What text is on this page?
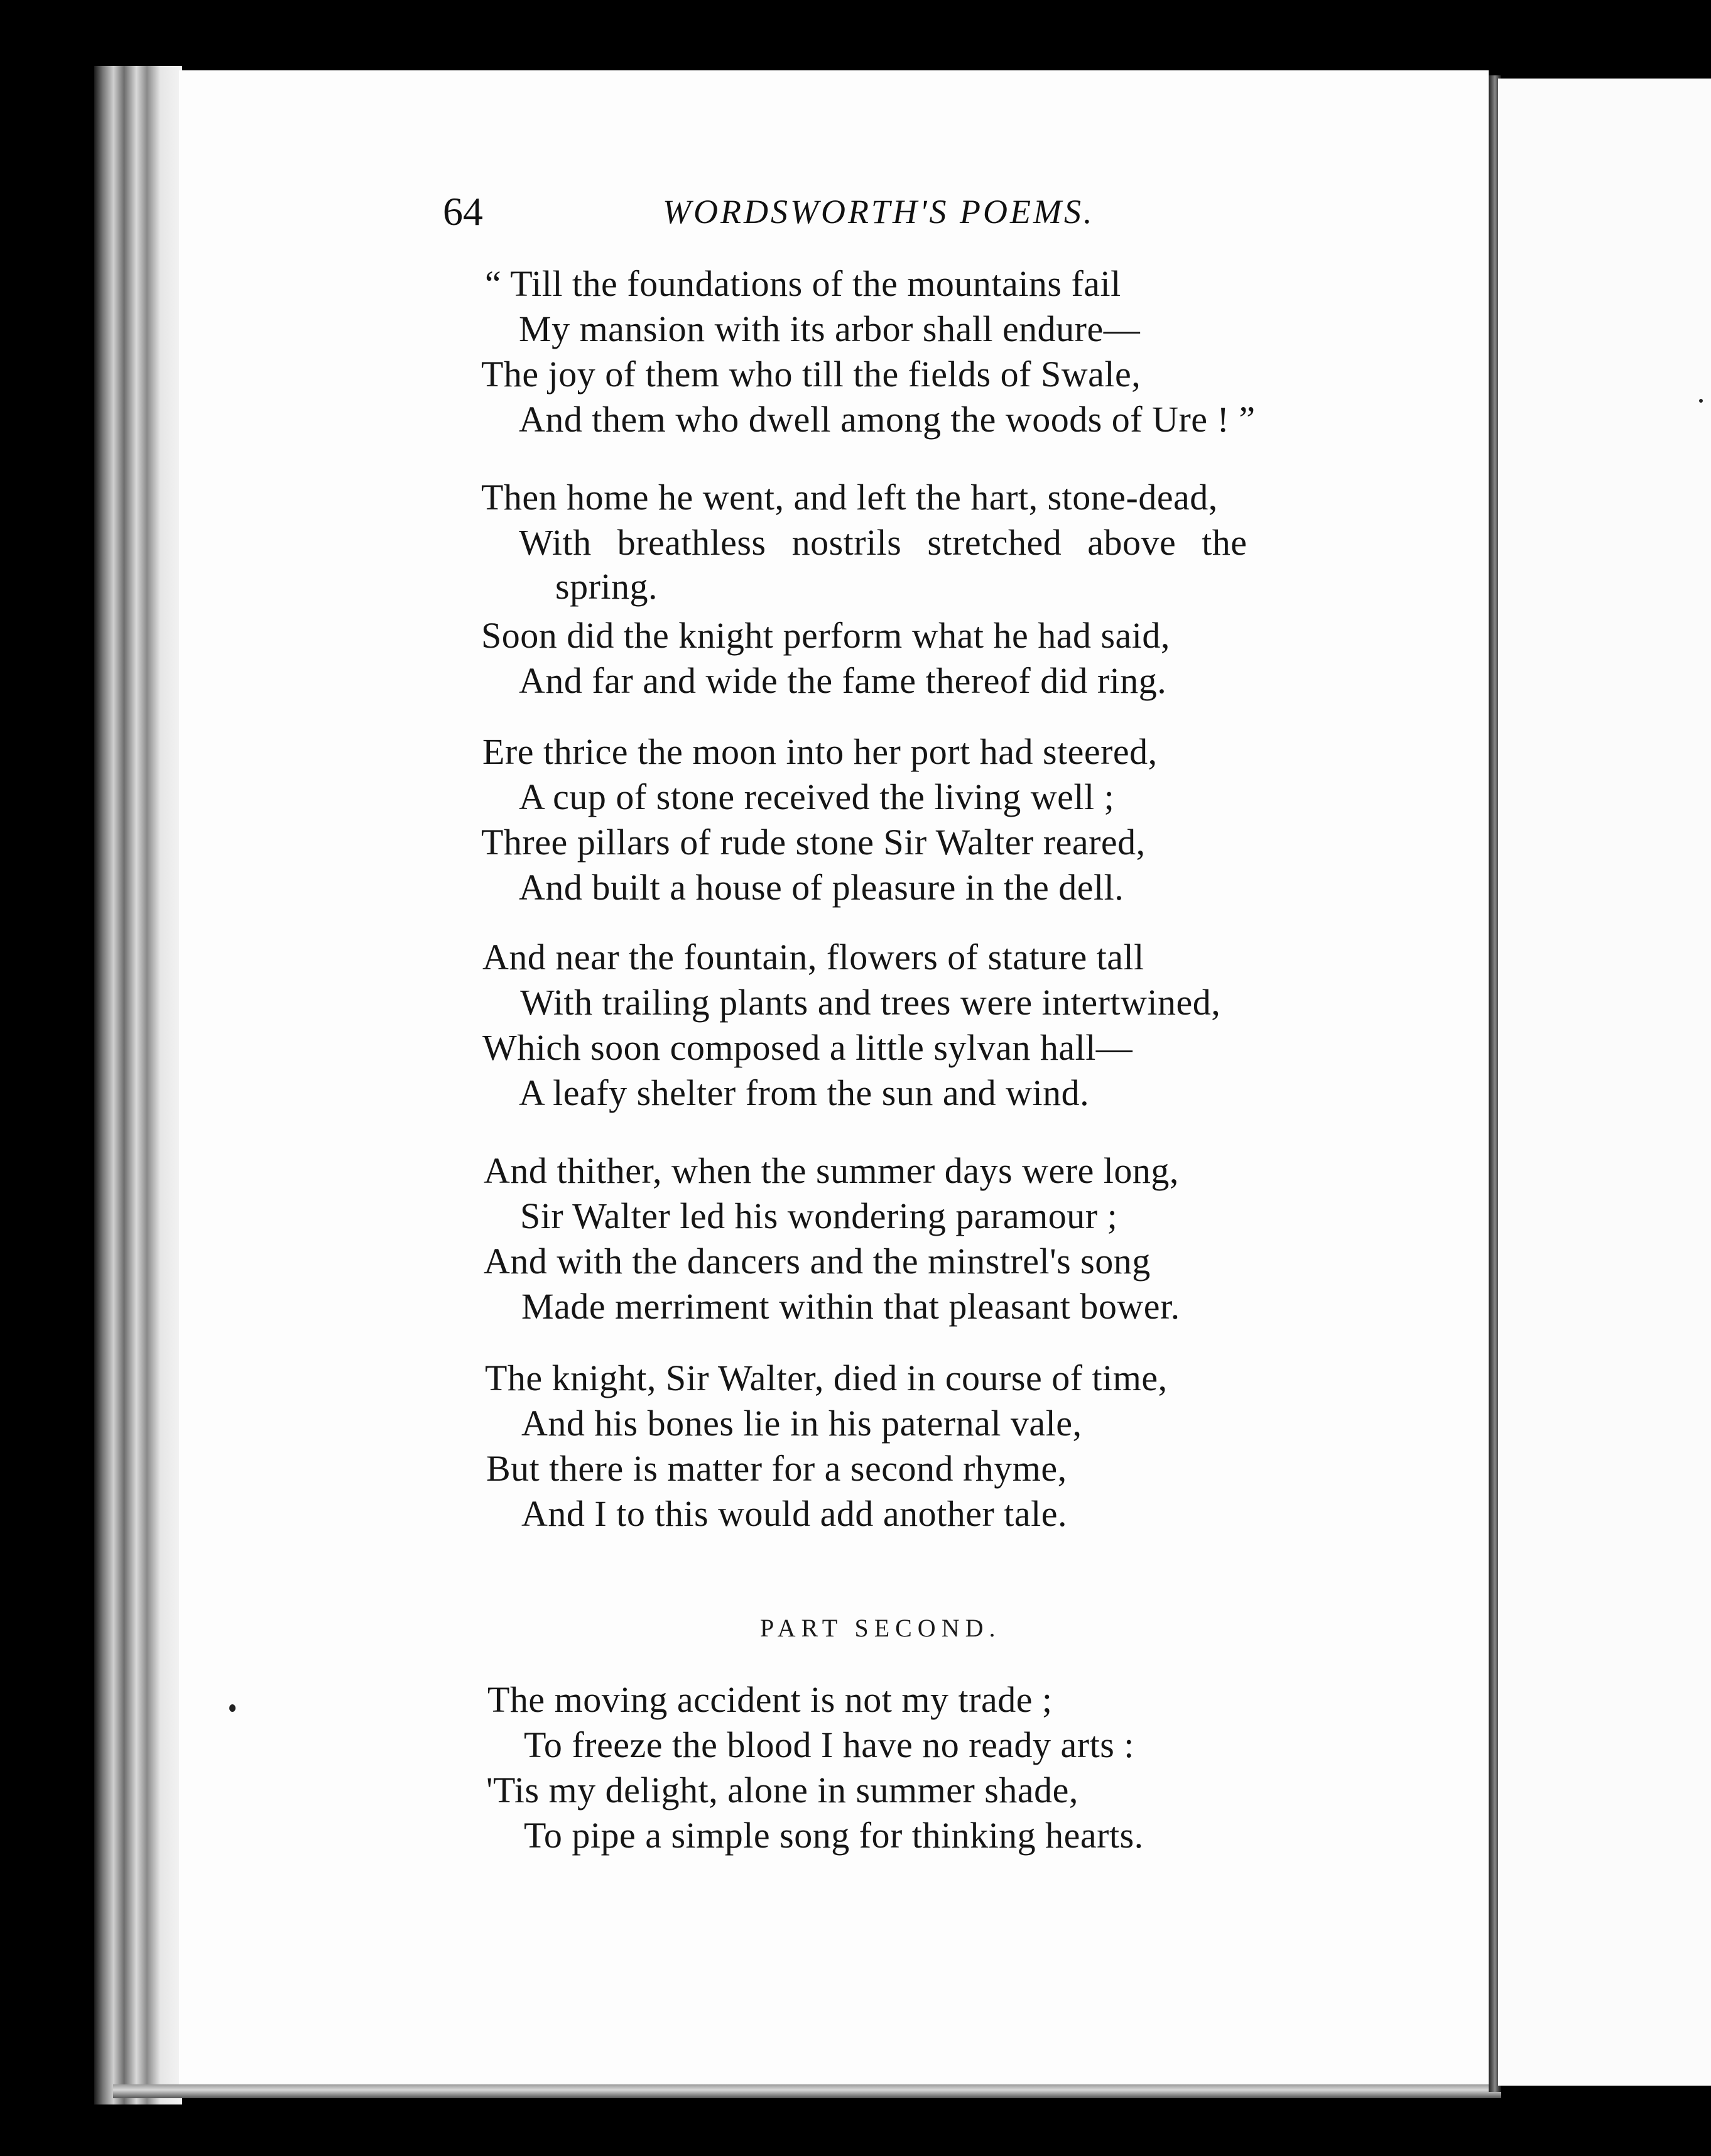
64	WORDSWORTH'S POEMS.
“ Till the foundations of the mountains fail
My mansion with its arbor shall endure—
The joy of them who till the fields of Swale,
And them who dwell among the woods of Ure ! ”
Then home he went, and left the hart, stone-dead,
With breathless nostrils stretched above the
spring.
Soon did the knight perform what he had said,
And far and wide the fame thereof did ring.
Ere thrice the moon into her port had steered,
A cup of stone received the living well ;
Three pillars of rude stone Sir Walter reared,
And built a house of pleasure in the dell.
And near the fountain, flowers of stature tall
With trailing plants and trees were intertwined,
Which soon composed a little sylvan hall—
A leafy shelter from the sun and wind.
And thither, when the summer days were long,
Sir Walter led his wondering paramour ;
And with the dancers and the minstrel's song
Made merriment within that pleasant bower.
The knight, Sir Walter, died in course of time,
And his bones lie in his paternal vale,
But there is matter for a second rhyme,
And I to this would add another tale.
PART SECOND.
The moving accident is not my trade ;
To freeze the blood I have no ready arts :
'Tis my delight, alone in summer shade,
To pipe a simple song for thinking hearts.
